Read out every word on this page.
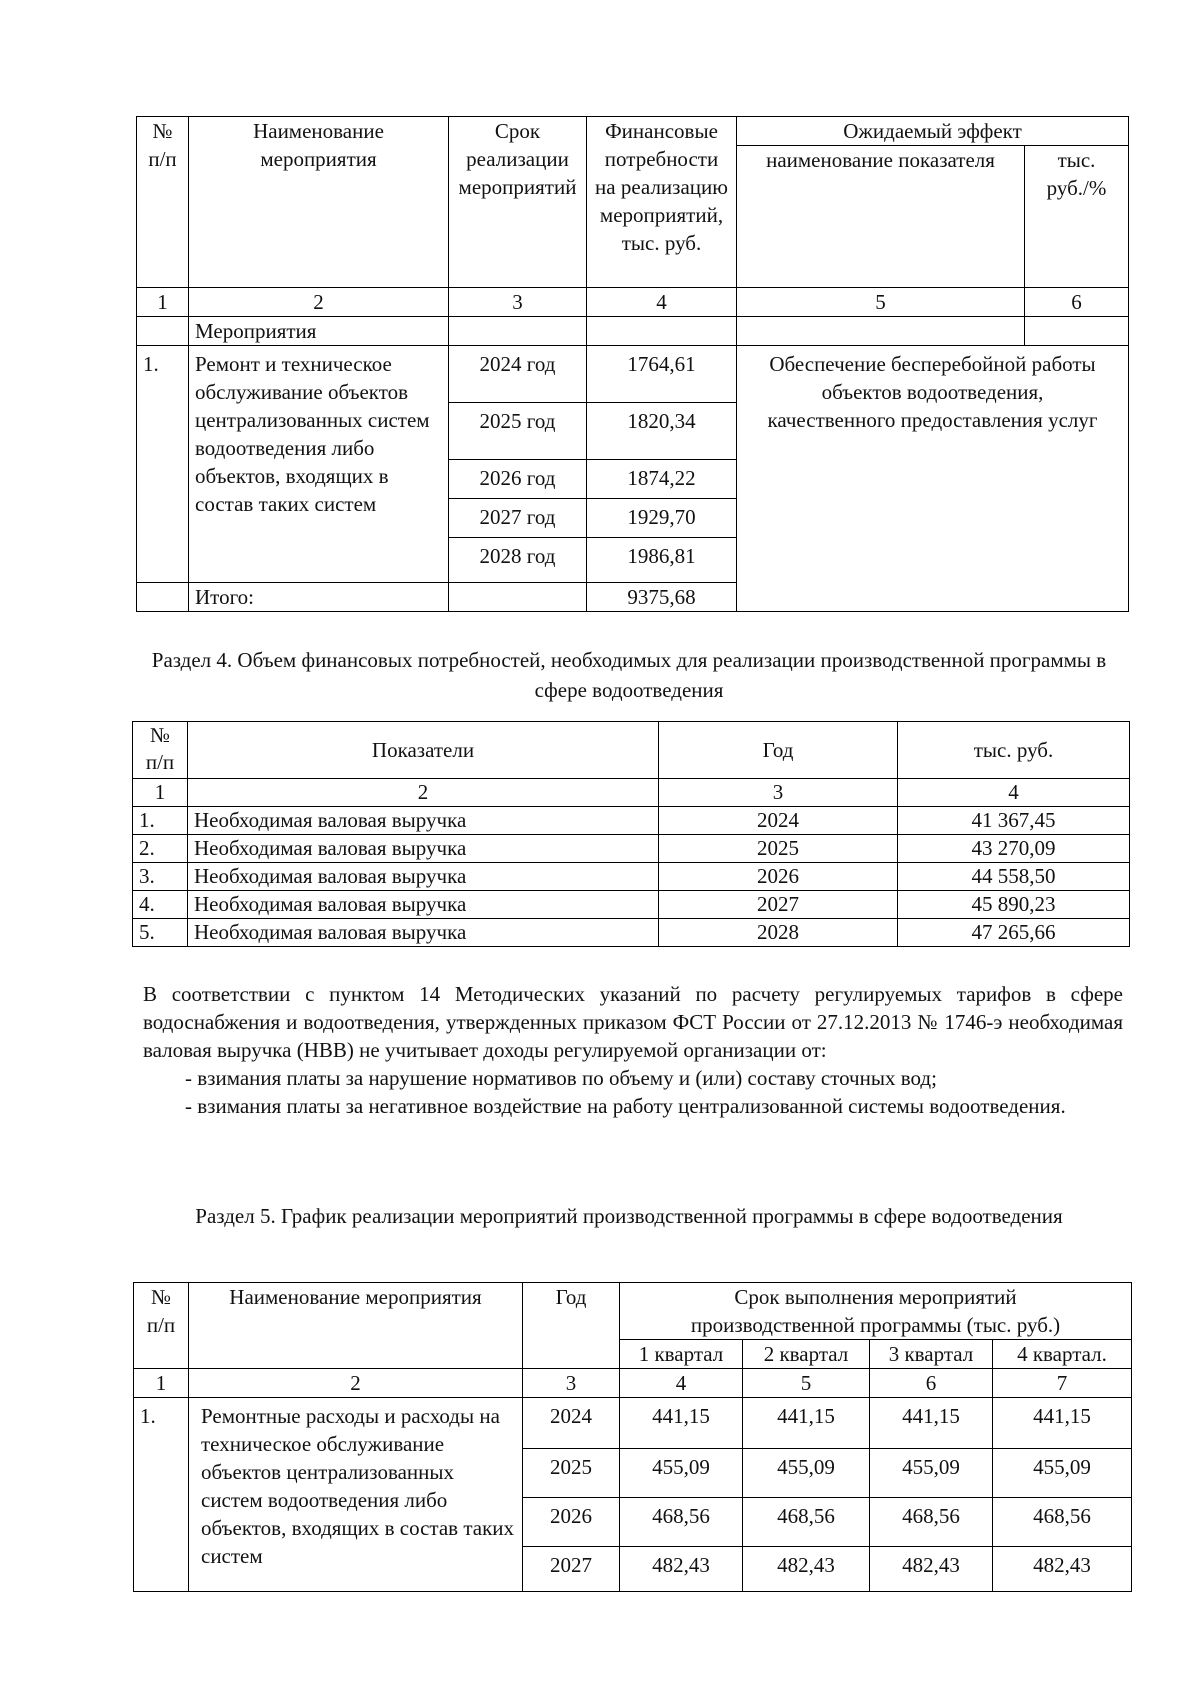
№ п/п	Наименование мероприятия	Срок реализации мероприятий	Финансовые потребности на реализацию мероприятий, тыс. руб.	Ожидаемый эффект	
				наименование показателя	тыс. руб./%
1	2	3	4	5	6
	Мероприятия				
1.	Ремонт и техническое обслуживание объектов централизованных систем водоотведения либо объектов, входящих в состав таких систем	2024 год	1764,61	Обеспечение бесперебойной работы объектов водоотведения, качественного предоставления услуг	
		2025 год	1820,34		
		2026 год	1874,22		
		2027 год	1929,70		
		2028 год	1986,81		
	Итого:		9375,68		
Раздел 4. Объем финансовых потребностей, необходимых для реализации производственной программы в сфере водоотведения
№ п/п	Показатели	Год	тыс. руб.
1	2	3	4
1.	Необходимая валовая выручка	2024	41 367,45
2.	Необходимая валовая выручка	2025	43 270,09
3.	Необходимая валовая выручка	2026	44 558,50
4.	Необходимая валовая выручка	2027	45 890,23
5.	Необходимая валовая выручка	2028	47 265,66
В соответствии с пунктом 14 Методических указаний по расчету регулируемых тарифов в сфере водоснабжения и водоотведения, утвержденных приказом ФСТ России от 27.12.2013 № 1746-э необходимая валовая выручка (НВВ) не учитывает доходы регулируемой организации от:
- взимания платы за нарушение нормативов по объему и (или) составу сточных вод;
- взимания платы за негативное воздействие на работу централизованной системы водоотведения.
Раздел 5. График реализации мероприятий производственной программы в сфере водоотведения
№ п/п	Наименование мероприятия	Год	Срок выполнения мероприятий производственной программы (тыс. руб.)			
			1 квартал	2 квартал	3 квартал	4 квартал.
1	2	3	4	5	6	7
1.	Ремонтные расходы и расходы на техническое обслуживание объектов централизованных систем водоотведения либо объектов, входящих в состав таких систем	2024	441,15	441,15	441,15	441,15
		2025	455,09	455,09	455,09	455,09
		2026	468,56	468,56	468,56	468,56
		2027	482,43	482,43	482,43	482,43
